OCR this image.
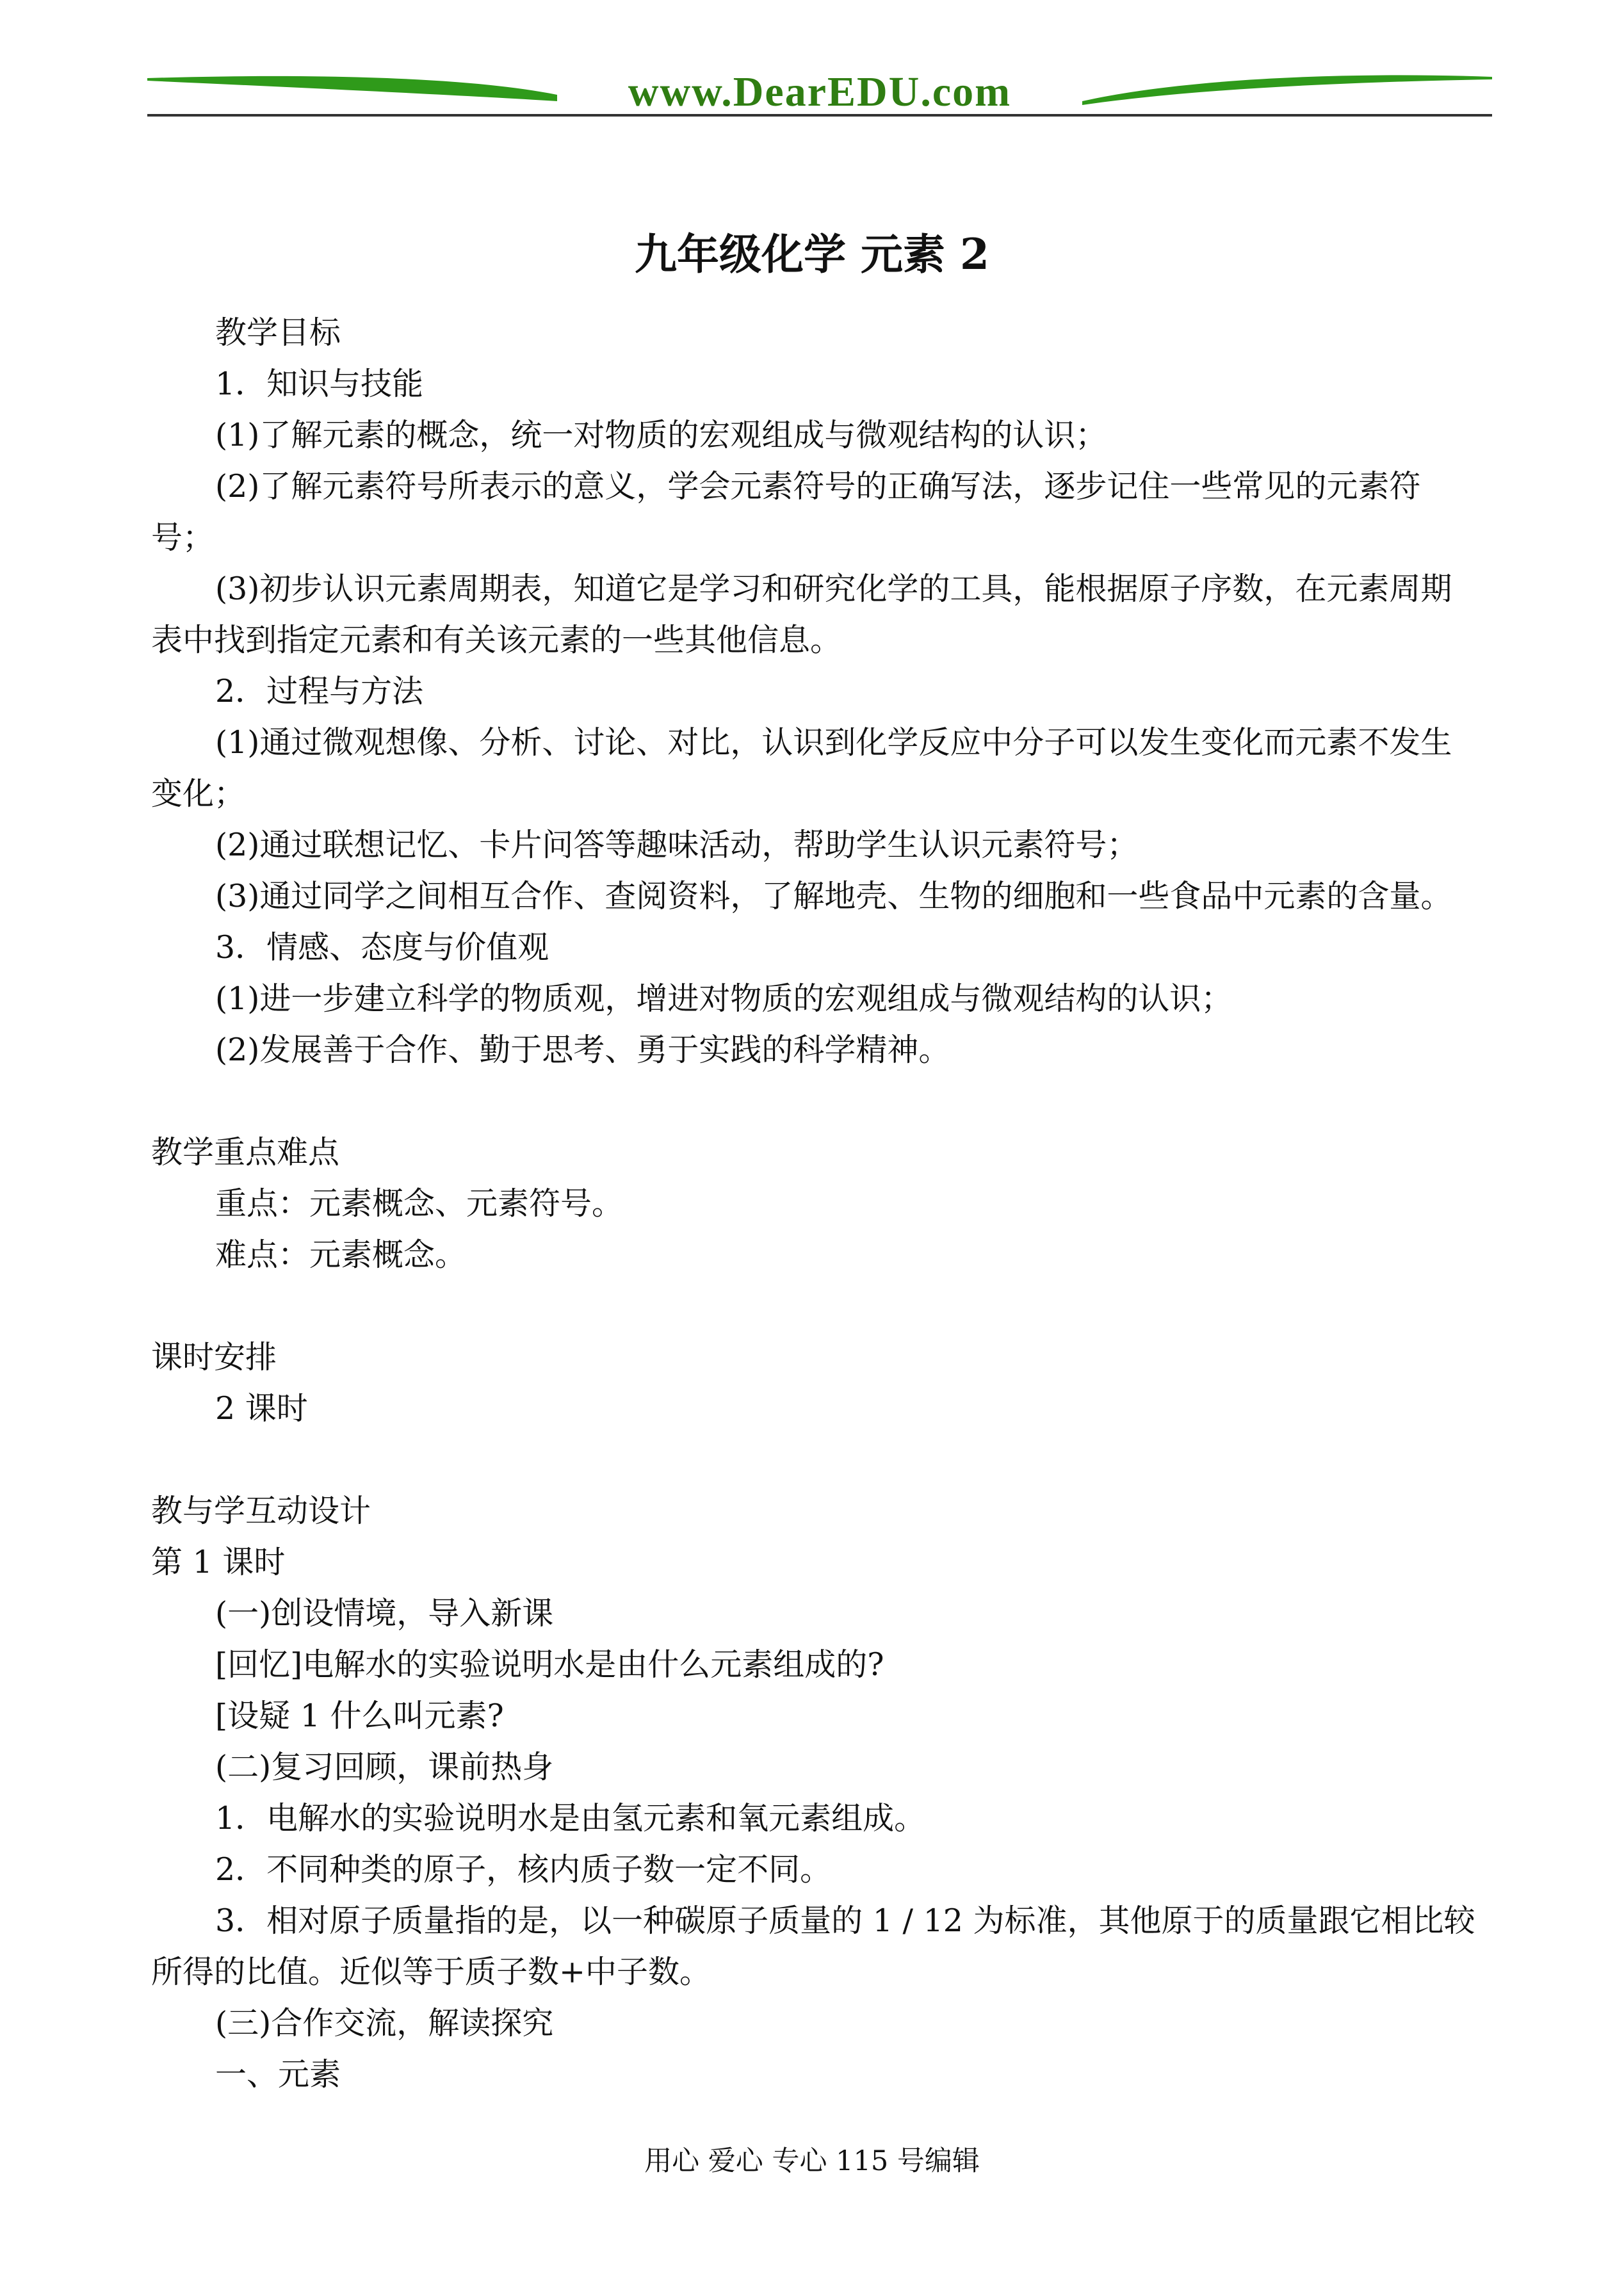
www.DearEDU.com
九年级化学 元素 2
教学目标
1．知识与技能
(1)了解元素的概念，统一对物质的宏观组成与微观结构的认识；
(2)了解元素符号所表示的意义，学会元素符号的正确写法，逐步记住一些常见的元素符号；
(3)初步认识元素周期表，知道它是学习和研究化学的工具，能根据原子序数，在元素周期表中找到指定元素和有关该元素的一些其他信息。
2．过程与方法
(1)通过微观想像、分析、讨论、对比，认识到化学反应中分子可以发生变化而元素不发生变化；
(2)通过联想记忆、卡片问答等趣味活动，帮助学生认识元素符号；
(3)通过同学之间相互合作、查阅资料，了解地壳、生物的细胞和一些食品中元素的含量。
3．情感、态度与价值观
(1)进一步建立科学的物质观，增进对物质的宏观组成与微观结构的认识；
(2)发展善于合作、勤于思考、勇于实践的科学精神。
教学重点难点
重点：元素概念、元素符号。
难点：元素概念。
课时安排
2 课时
教与学互动设计
第 1 课时
(一)创设情境，导入新课
[回忆]电解水的实验说明水是由什么元素组成的?
[设疑 1 什么叫元素?
(二)复习回顾，课前热身
1．电解水的实验说明水是由氢元素和氧元素组成。
2．不同种类的原子，核内质子数一定不同。
3．相对原子质量指的是，以一种碳原子质量的 1 / 12 为标准，其他原于的质量跟它相比较所得的比值。近似等于质子数+中子数。
(三)合作交流，解读探究
一、元素
用心 爱心 专心 115 号编辑
